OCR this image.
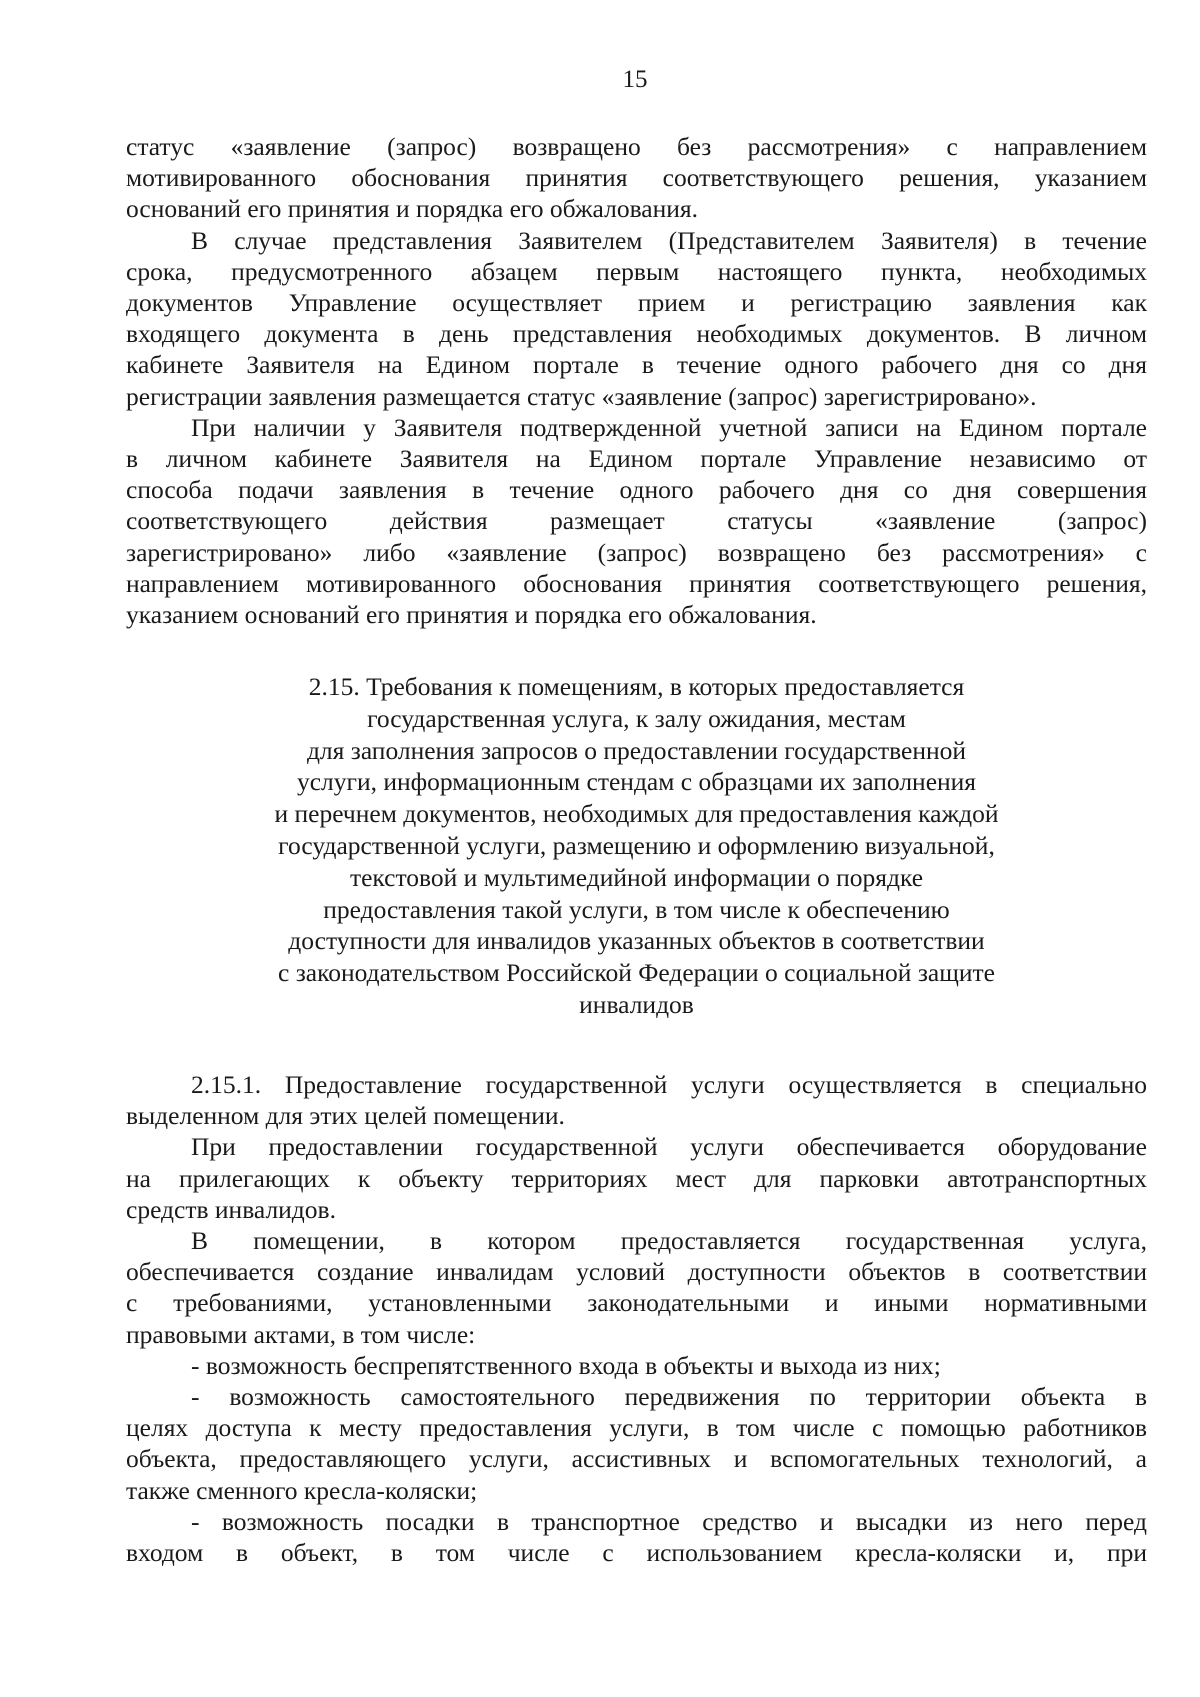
15
статус «заявление (запрос) возвращено без рассмотрения» с направлением
мотивированного обоснования принятия соответствующего решения, указанием
оснований его принятия и порядка его обжалования.
В случае представления Заявителем (Представителем Заявителя) в течение
срока, предусмотренного абзацем первым настоящего пункта, необходимых
документов Управление осуществляет прием и регистрацию заявления как
входящего документа в день представления необходимых документов. В личном
кабинете Заявителя на Едином портале в течение одного рабочего дня со дня
регистрации заявления размещается статус «заявление (запрос) зарегистрировано».
При наличии у Заявителя подтвержденной учетной записи на Едином портале
в личном кабинете Заявителя на Едином портале Управление независимо от
способа подачи заявления в течение одного рабочего дня со дня совершения
соответствующего действия размещает статусы «заявление (запрос)
зарегистрировано» либо «заявление (запрос) возвращено без рассмотрения» с
направлением мотивированного обоснования принятия соответствующего решения,
указанием оснований его принятия и порядка его обжалования.
2.15. Требования к помещениям, в которых предоставляется
государственная услуга, к залу ожидания, местам
для заполнения запросов о предоставлении государственной
услуги, информационным стендам с образцами их заполнения
и перечнем документов, необходимых для предоставления каждой
государственной услуги, размещению и оформлению визуальной,
текстовой и мультимедийной информации о порядке
предоставления такой услуги, в том числе к обеспечению
доступности для инвалидов указанных объектов в соответствии
с законодательством Российской Федерации о социальной защите
инвалидов
2.15.1. Предоставление государственной услуги осуществляется в специально
выделенном для этих целей помещении.
При предоставлении государственной услуги обеспечивается оборудование
на прилегающих к объекту территориях мест для парковки автотранспортных
средств инвалидов.
В помещении, в котором предоставляется государственная услуга,
обеспечивается создание инвалидам условий доступности объектов в соответствии
с требованиями, установленными законодательными и иными нормативными
правовыми актами, в том числе:
- возможность беспрепятственного входа в объекты и выхода из них;
- возможность самостоятельного передвижения по территории объекта в
целях доступа к месту предоставления услуги, в том числе с помощью работников
объекта, предоставляющего услуги, ассистивных и вспомогательных технологий, а
также сменного кресла-коляски;
- возможность посадки в транспортное средство и высадки из него перед
входом в объект, в том числе с использованием кресла-коляски и, при
